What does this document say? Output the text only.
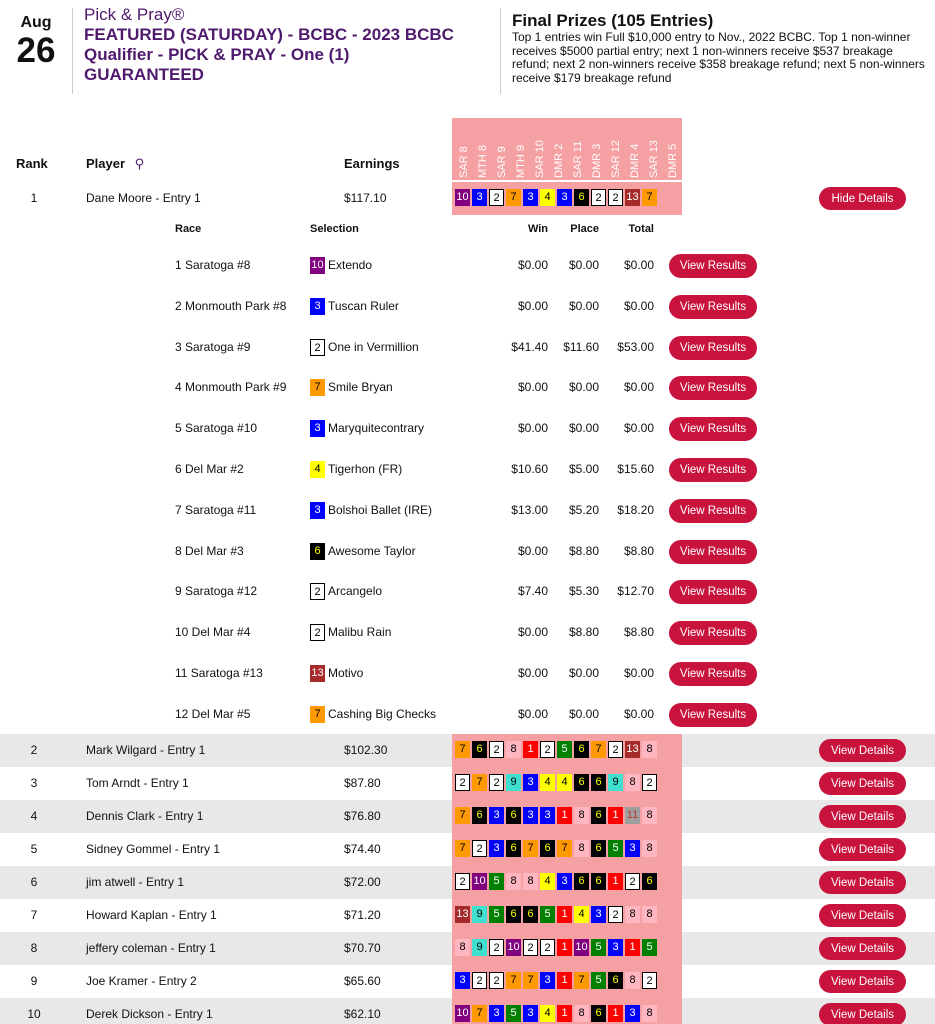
Aug
26
Pick & Pray®
FEATURED (SATURDAY) - BCBC - 2023 BCBC Qualifier - PICK & PRAY - One (1) GUARANTEED
Final Prizes (105 Entries)
Top 1 entries win Full $10,000 entry to Nov., 2022 BCBC. Top 1 non-winner receives $5000 partial entry; next 1 non-winners receive $537 breakage refund; next 2 non-winners receive $358 breakage refund; next 5 non-winners receive $179 breakage refund
SAR 8 MTH 8 SAR 9 MTH 9 SAR 10 DMR 2 SAR 11 DMR 3 SAR 12 DMR 4 SAR 13 DMR 5
Rank	Player ⚲	Earnings
1	Dane Moore - Entry 1	$117.10	10 3 2 7 3 4 3 6 2 2 13 7	Hide Details
2	Mark Wilgard - Entry 1	$102.30	7 6 2 8 1 2 5 6 7 2 13 8	View Details
3	Tom Arndt - Entry 1	$87.80	2 7 2 9 3 4 4 6 6 9 8 2	View Details
4	Dennis Clark - Entry 1	$76.80	7 6 3 6 3 3 1 8 6 1 11 8	View Details
5	Sidney Gommel - Entry 1	$74.40	7 2 3 6 7 6 7 8 6 5 3 8	View Details
6	jim atwell - Entry 1	$72.00	2 10 5 8 8 4 3 6 6 1 2 6	View Details
7	Howard Kaplan - Entry 1	$71.20	13 9 5 6 6 5 1 4 3 2 8 8	View Details
8	jeffery coleman - Entry 1	$70.70	8 9 2 10 2 2 1 10 5 3 1 5	View Details
9	Joe Kramer - Entry 2	$65.60	3 2 2 7 7 3 1 7 5 6 8 2	View Details
10	Derek Dickson - Entry 1	$62.10	10 7 3 5 3 4 1 8 6 1 3 8	View Details
Race	Selection	Win	Place	Total
1 Saratoga #8	10 Extendo	$0.00	$0.00	$0.00	View Results
2 Monmouth Park #8	3 Tuscan Ruler	$0.00	$0.00	$0.00	View Results
3 Saratoga #9	2 One in Vermillion	$41.40	$11.60	$53.00	View Results
4 Monmouth Park #9	7 Smile Bryan	$0.00	$0.00	$0.00	View Results
5 Saratoga #10	3 Maryquitecontrary	$0.00	$0.00	$0.00	View Results
6 Del Mar #2	4 Tigerhon (FR)	$10.60	$5.00	$15.60	View Results
7 Saratoga #11	3 Bolshoi Ballet (IRE)	$13.00	$5.20	$18.20	View Results
8 Del Mar #3	6 Awesome Taylor	$0.00	$8.80	$8.80	View Results
9 Saratoga #12	2 Arcangelo	$7.40	$5.30	$12.70	View Results
10 Del Mar #4	2 Malibu Rain	$0.00	$8.80	$8.80	View Results
11 Saratoga #13	13 Motivo	$0.00	$0.00	$0.00	View Results
12 Del Mar #5	7 Cashing Big Checks	$0.00	$0.00	$0.00	View Results
